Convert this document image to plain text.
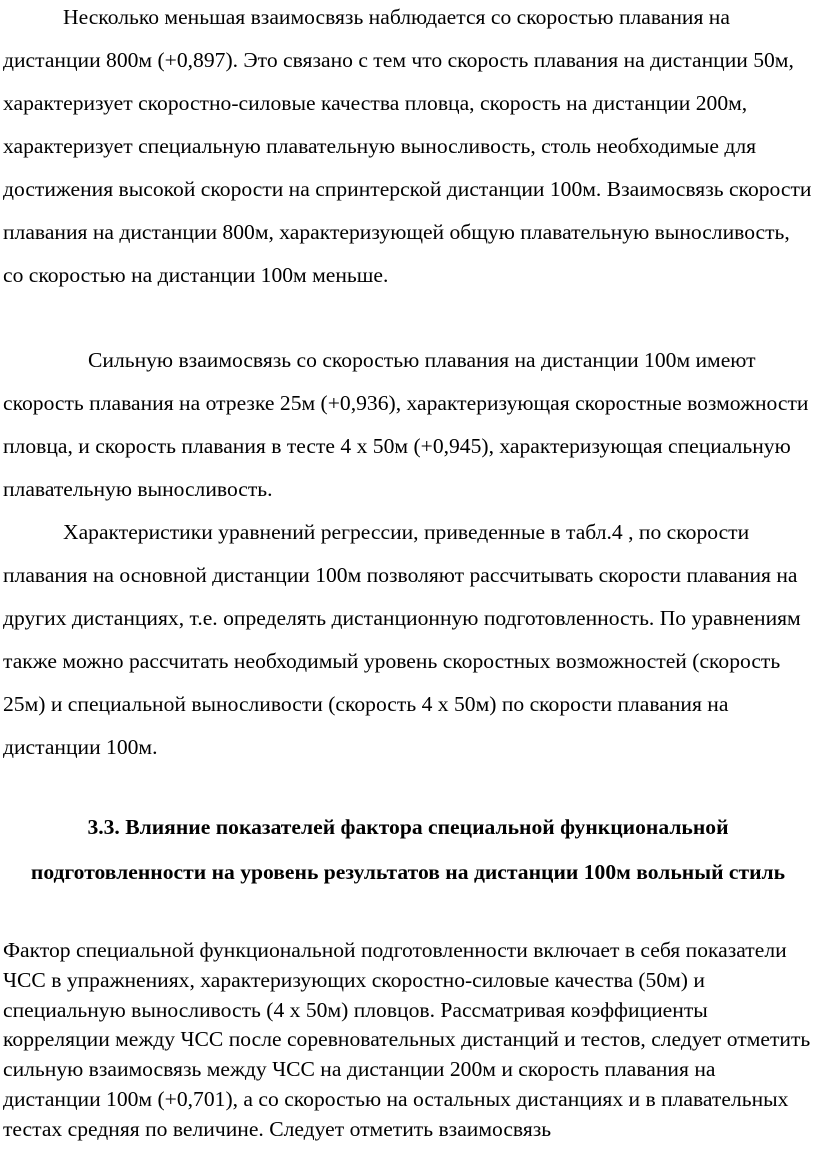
Несколько меньшая взаимосвязь наблюдается со скоростью плавания на дистанции 800м (+0,897). Это связано с тем что скорость плавания на дистанции 50м, характеризует скоростно-силовые качества пловца, скорость на дистанции 200м, характеризует специальную плавательную выносливость, столь необходимые для достижения высокой скорости на спринтерской дистанции 100м. Взаимосвязь скорости плавания на дистанции 800м, характеризующей общую плавательную выносливость, со скоростью на дистанции 100м меньше.

Сильную взаимосвязь со скоростью плавания на дистанции 100м имеют скорость плавания на отрезке 25м (+0,936), характеризующая скоростные возможности пловца, и скорость плавания в тесте 4 х 50м (+0,945), характеризующая специальную плавательную выносливость.

Характеристики уравнений регрессии, приведенные в табл.4 , по скорости плавания на основной дистанции 100м позволяют рассчитывать скорости плавания на других дистанциях, т.е. определять дистанционную подготовленность. По уравнениям также можно рассчитать необходимый уровень скоростных возможностей (скорость 25м) и специальной выносливости (скорость 4 х 50м) по скорости плавания на дистанции 100м.

3.3. Влияние показателей фактора специальной функциональной подготовленности на уровень результатов на дистанции 100м вольный стиль

Фактор специальной функциональной подготовленности включает в себя показатели ЧСС в упражнениях, характеризующих скоростно-силовые качества (50м) и специальную выносливость (4 х 50м) пловцов. Рассматривая коэффициенты корреляции между ЧСС после соревновательных дистанций и тестов, следует отметить сильную взаимосвязь между ЧСС на дистанции 200м и скорость плавания на дистанции 100м (+0,701), а со скоростью на остальных дистанциях и в плавательных тестах средняя по величине. Следует отметить взаимосвязь
